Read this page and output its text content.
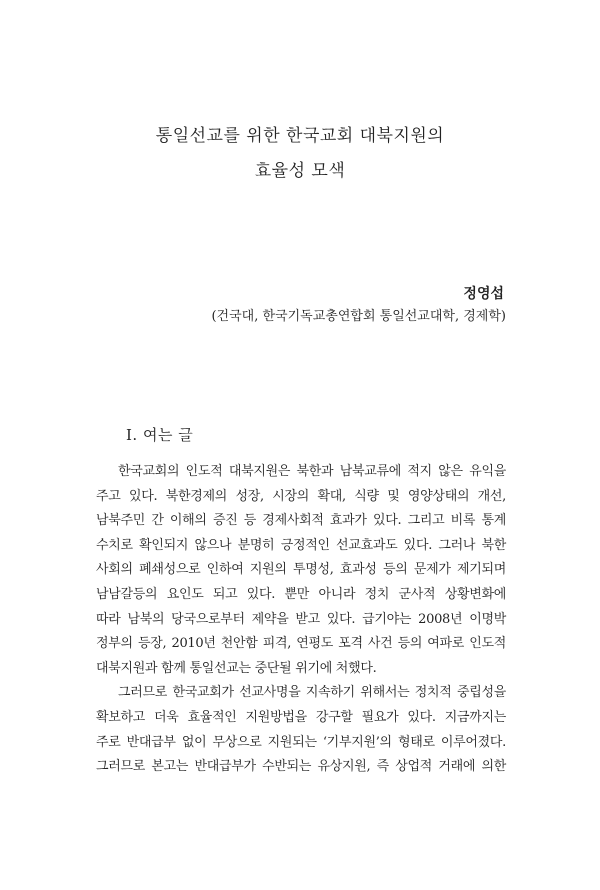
통일선교를 위한 한국교회 대북지원의
효율성 모색
정영섭
(건국대, 한국기독교총연합회 통일선교대학, 경제학)
Ⅰ. 여는 글
한국교회의 인도적 대북지원은 북한과 남북교류에 적지 않은 유익을
주고 있다. 북한경제의 성장, 시장의 확대, 식량 및 영양상태의 개선,
남북주민 간 이해의 증진 등 경제사회적 효과가 있다. 그리고 비록 통계
수치로 확인되지 않으나 분명히 긍정적인 선교효과도 있다. 그러나 북한
사회의 폐쇄성으로 인하여 지원의 투명성, 효과성 등의 문제가 제기되며
남남갈등의 요인도 되고 있다. 뿐만 아니라 정치 군사적 상황변화에
따라 남북의 당국으로부터 제약을 받고 있다. 급기야는 2008년 이명박
정부의 등장, 2010년 천안함 피격, 연평도 포격 사건 등의 여파로 인도적
대북지원과 함께 통일선교는 중단될 위기에 처했다.
그러므로 한국교회가 선교사명을 지속하기 위해서는 정치적 중립성을
확보하고 더욱 효율적인 지원방법을 강구할 필요가 있다. 지금까지는
주로 반대급부 없이 무상으로 지원되는 ‘기부지원’의 형태로 이루어졌다.
그러므로 본고는 반대급부가 수반되는 유상지원, 즉 상업적 거래에 의한
